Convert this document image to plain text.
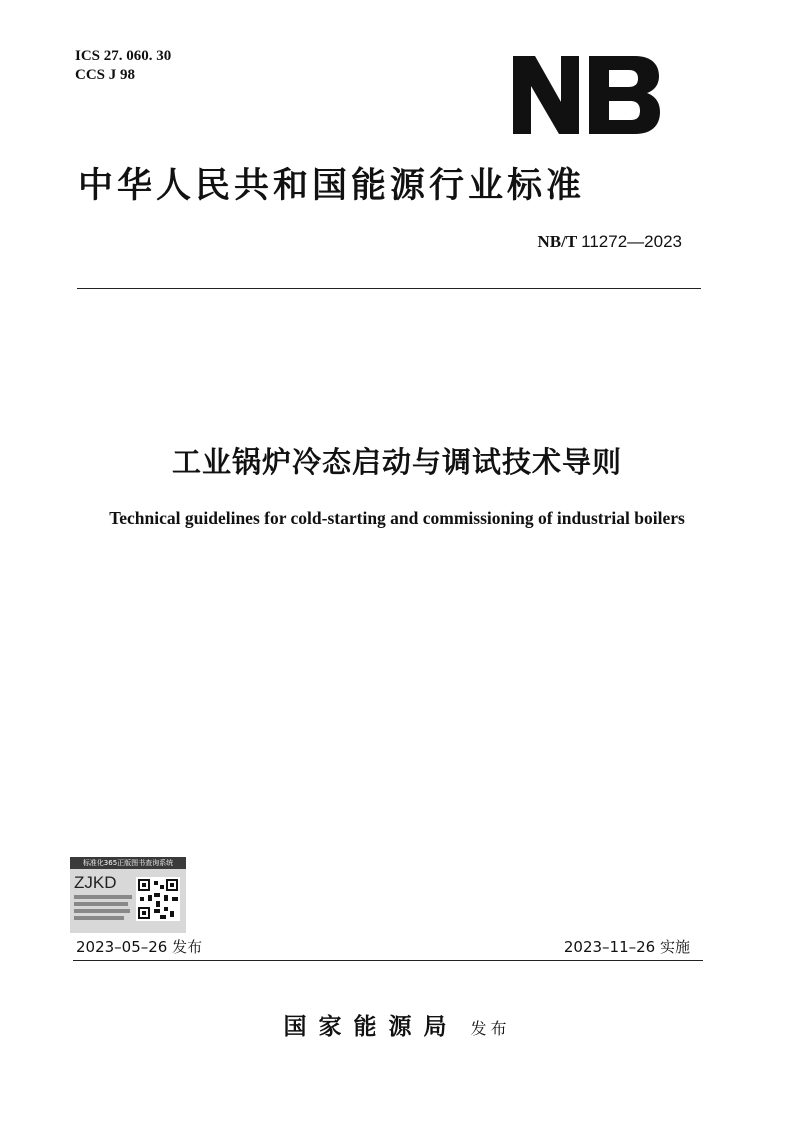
ICS 27. 060. 30
CCS J 98
中华人民共和国能源行业标准
NB/T 11272—2023
工业锅炉冷态启动与调试技术导则
Technical guidelines for cold-starting and commissioning of industrial boilers
标准化365正版图书查询系统
ZJKD
2023–05–26 发布	2023–11–26 实施
国家能源局 发布
